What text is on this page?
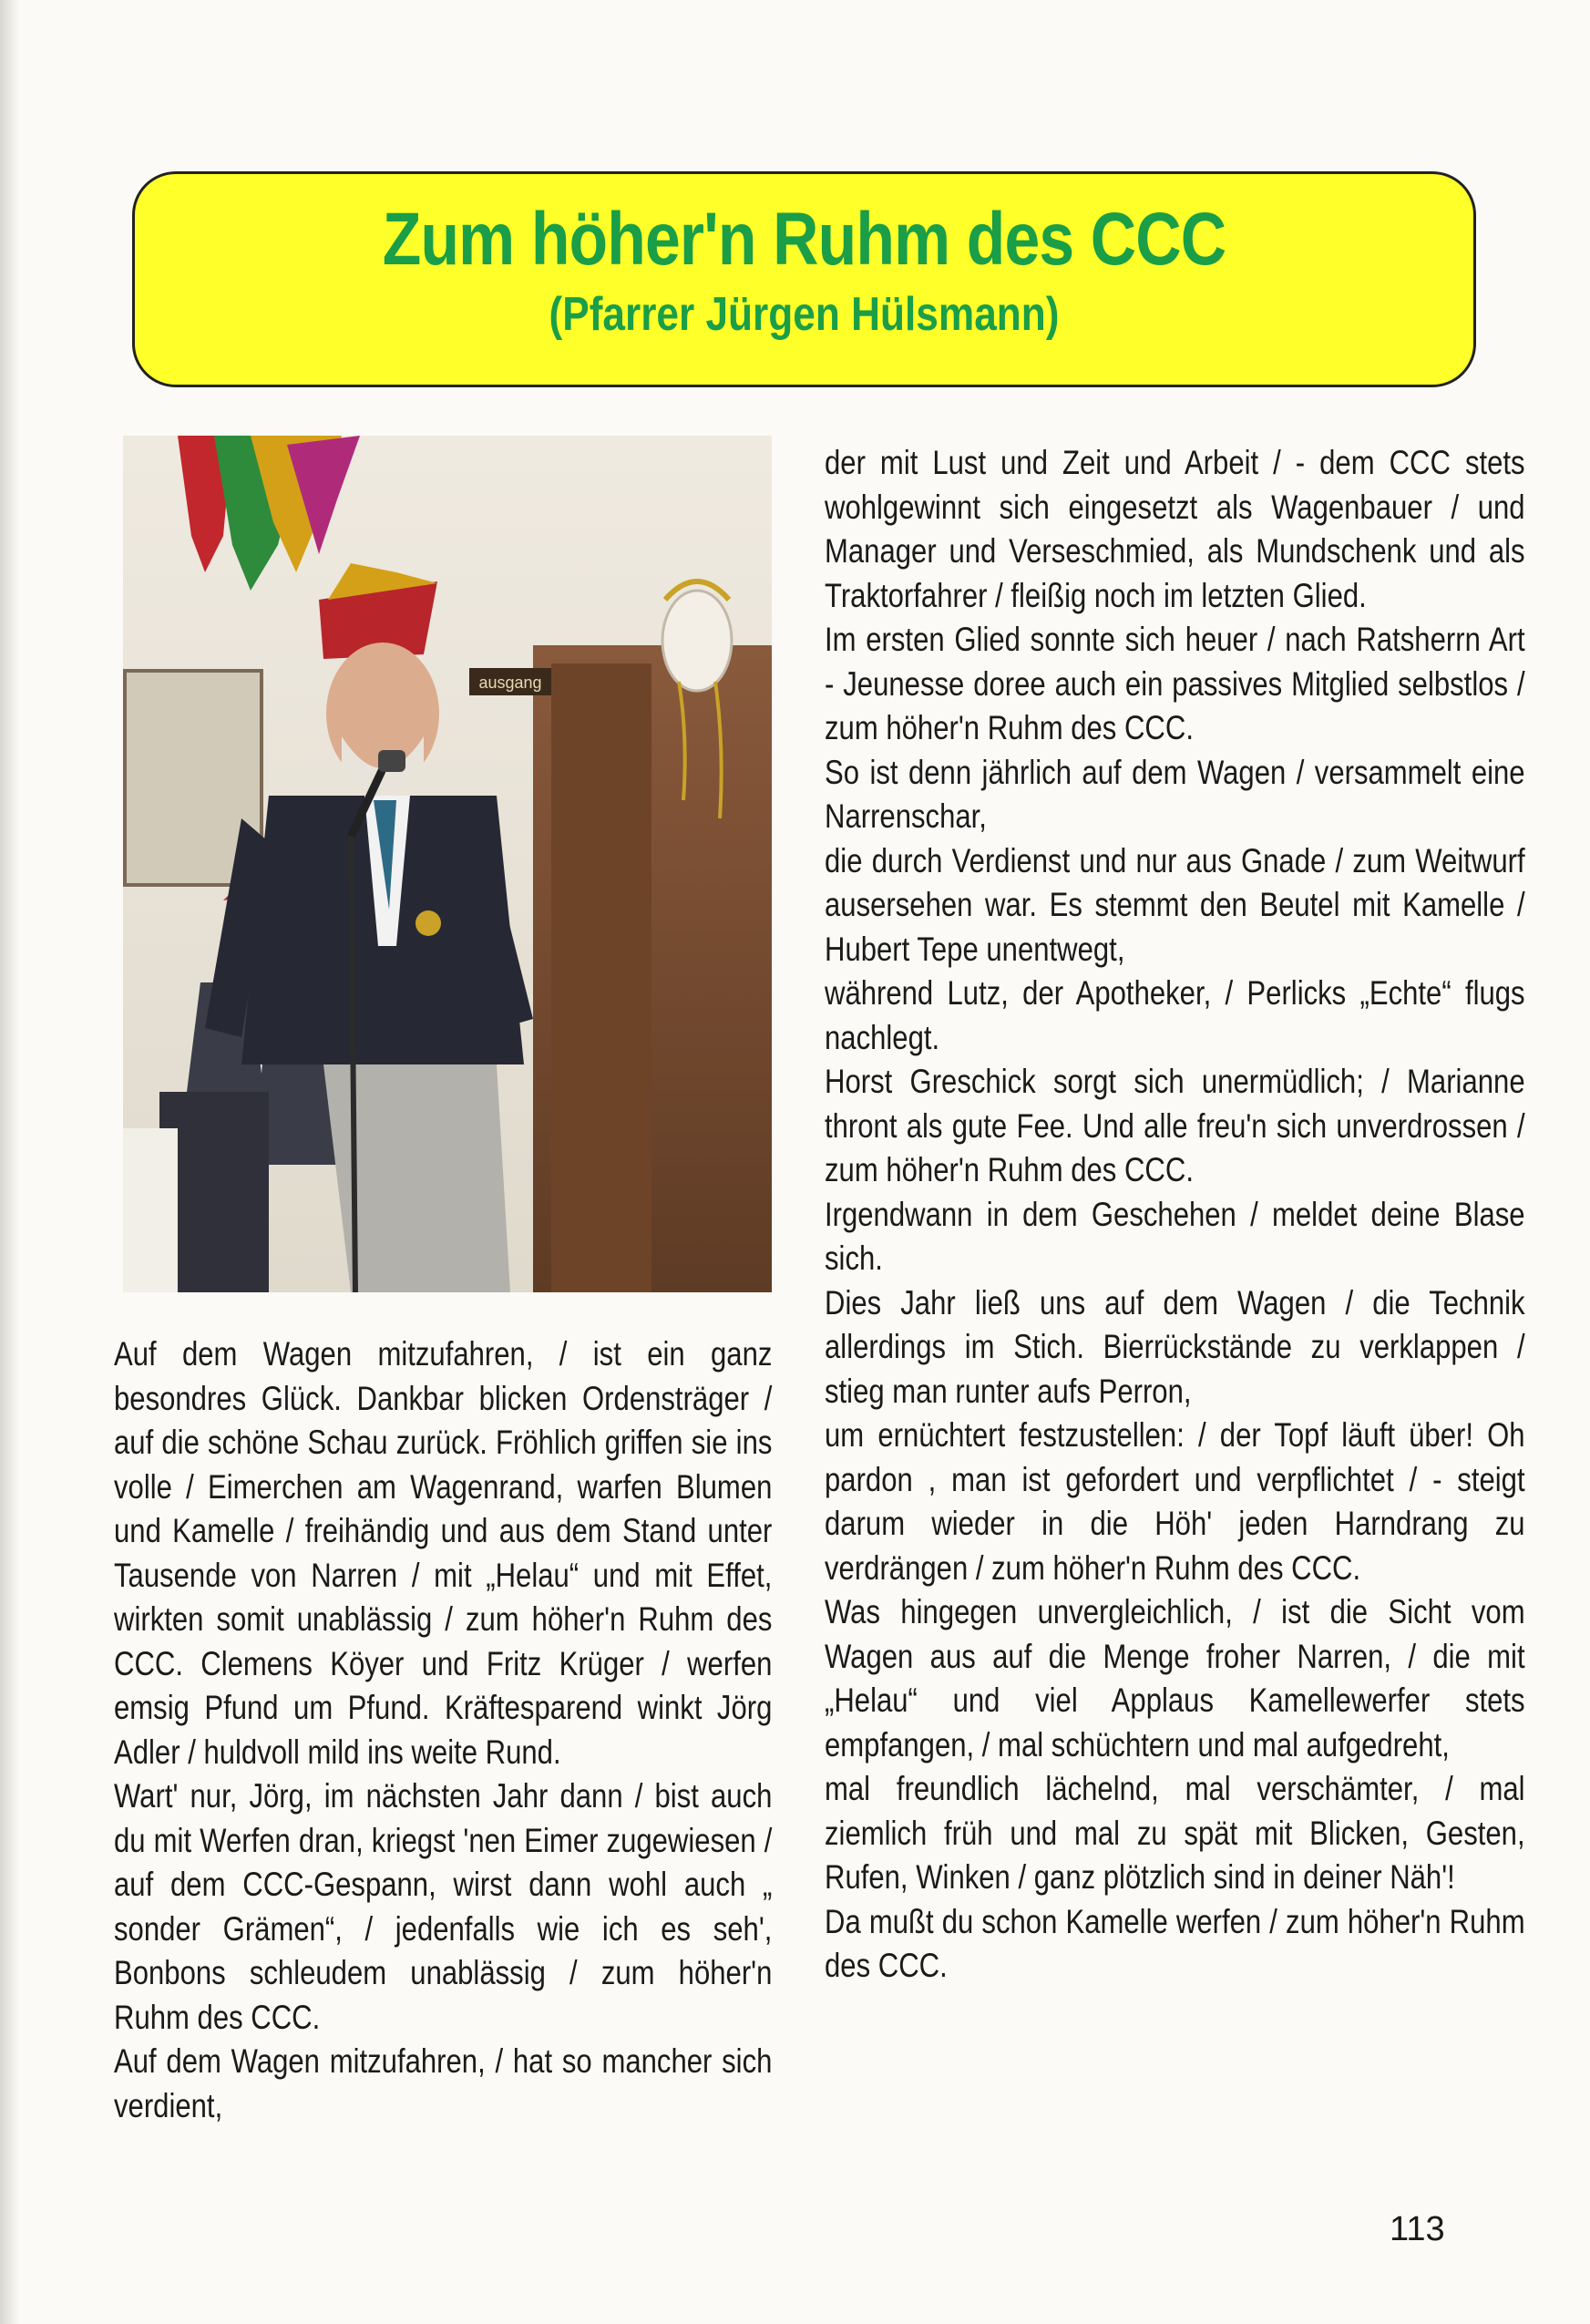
Zum höher'n Ruhm des CCC
(Pfarrer Jürgen Hülsmann)
ausgang

Auf dem Wagen mitzufahren, / ist ein ganz besondres Glück. Dankbar blicken Ordensträger / auf die schöne Schau zurück. Fröhlich griffen sie ins volle / Eimerchen am Wagenrand, warfen Blumen und Kamelle / freihändig und aus dem Stand unter Tausende von Narren / mit „Helau“ und mit Effet, wirkten somit unablässig / zum höher'n Ruhm des CCC. Clemens Köyer und Fritz Krüger / werfen emsig Pfund um Pfund. Kräftesparend winkt Jörg Adler / huldvoll mild ins weite Rund.

Wart' nur, Jörg, im nächsten Jahr dann / bist auch du mit Werfen dran, kriegst 'nen Eimer zugewiesen / auf dem CCC-Gespann, wirst dann wohl auch „ sonder Grämen“, / jedenfalls wie ich es seh', Bonbons schleudem unablässig / zum höher'n Ruhm des CCC.

Auf dem Wagen mitzufahren, / hat so mancher sich verdient,

der mit Lust und Zeit und Arbeit / - dem CCC stets wohlgewinnt sich eingesetzt als Wagenbauer / und Manager und Verseschmied, als Mundschenk und als Traktorfahrer / fleißig noch im letzten Glied.

Im ersten Glied sonnte sich heuer / nach Ratsherrn Art - Jeunesse doree auch ein passives Mitglied selbstlos / zum höher'n Ruhm des CCC.

So ist denn jährlich auf dem Wagen / versammelt eine Narrenschar,

die durch Verdienst und nur aus Gnade / zum Weitwurf ausersehen war. Es stemmt den Beutel mit Kamelle / Hubert Tepe unentwegt,

während Lutz, der Apotheker, / Perlicks „Echte“ flugs nachlegt.

Horst Greschick sorgt sich unermüdlich; / Marianne thront als gute Fee. Und alle freu'n sich unverdrossen / zum höher'n Ruhm des CCC.

Irgendwann in dem Geschehen / meldet deine Blase sich.

Dies Jahr ließ uns auf dem Wagen / die Technik allerdings im Stich. Bierrückstände zu verklappen / stieg man runter aufs Perron,

um ernüchtert festzustellen: / der Topf läuft über! Oh pardon , man ist gefordert und verpflichtet / - steigt darum wieder in die Höh' jeden Harndrang zu verdrängen / zum höher'n Ruhm des CCC.

Was hingegen unvergleichlich, / ist die Sicht vom Wagen aus auf die Menge froher Narren, / die mit „Helau“ und viel Applaus Kamellewerfer stets empfangen, / mal schüchtern und mal aufgedreht,

mal freundlich lächelnd, mal verschämter, / mal ziemlich früh und mal zu spät mit Blicken, Gesten, Rufen, Winken / ganz plötzlich sind in deiner Näh'!

Da mußt du schon Kamelle werfen / zum höher'n Ruhm des CCC.

113
